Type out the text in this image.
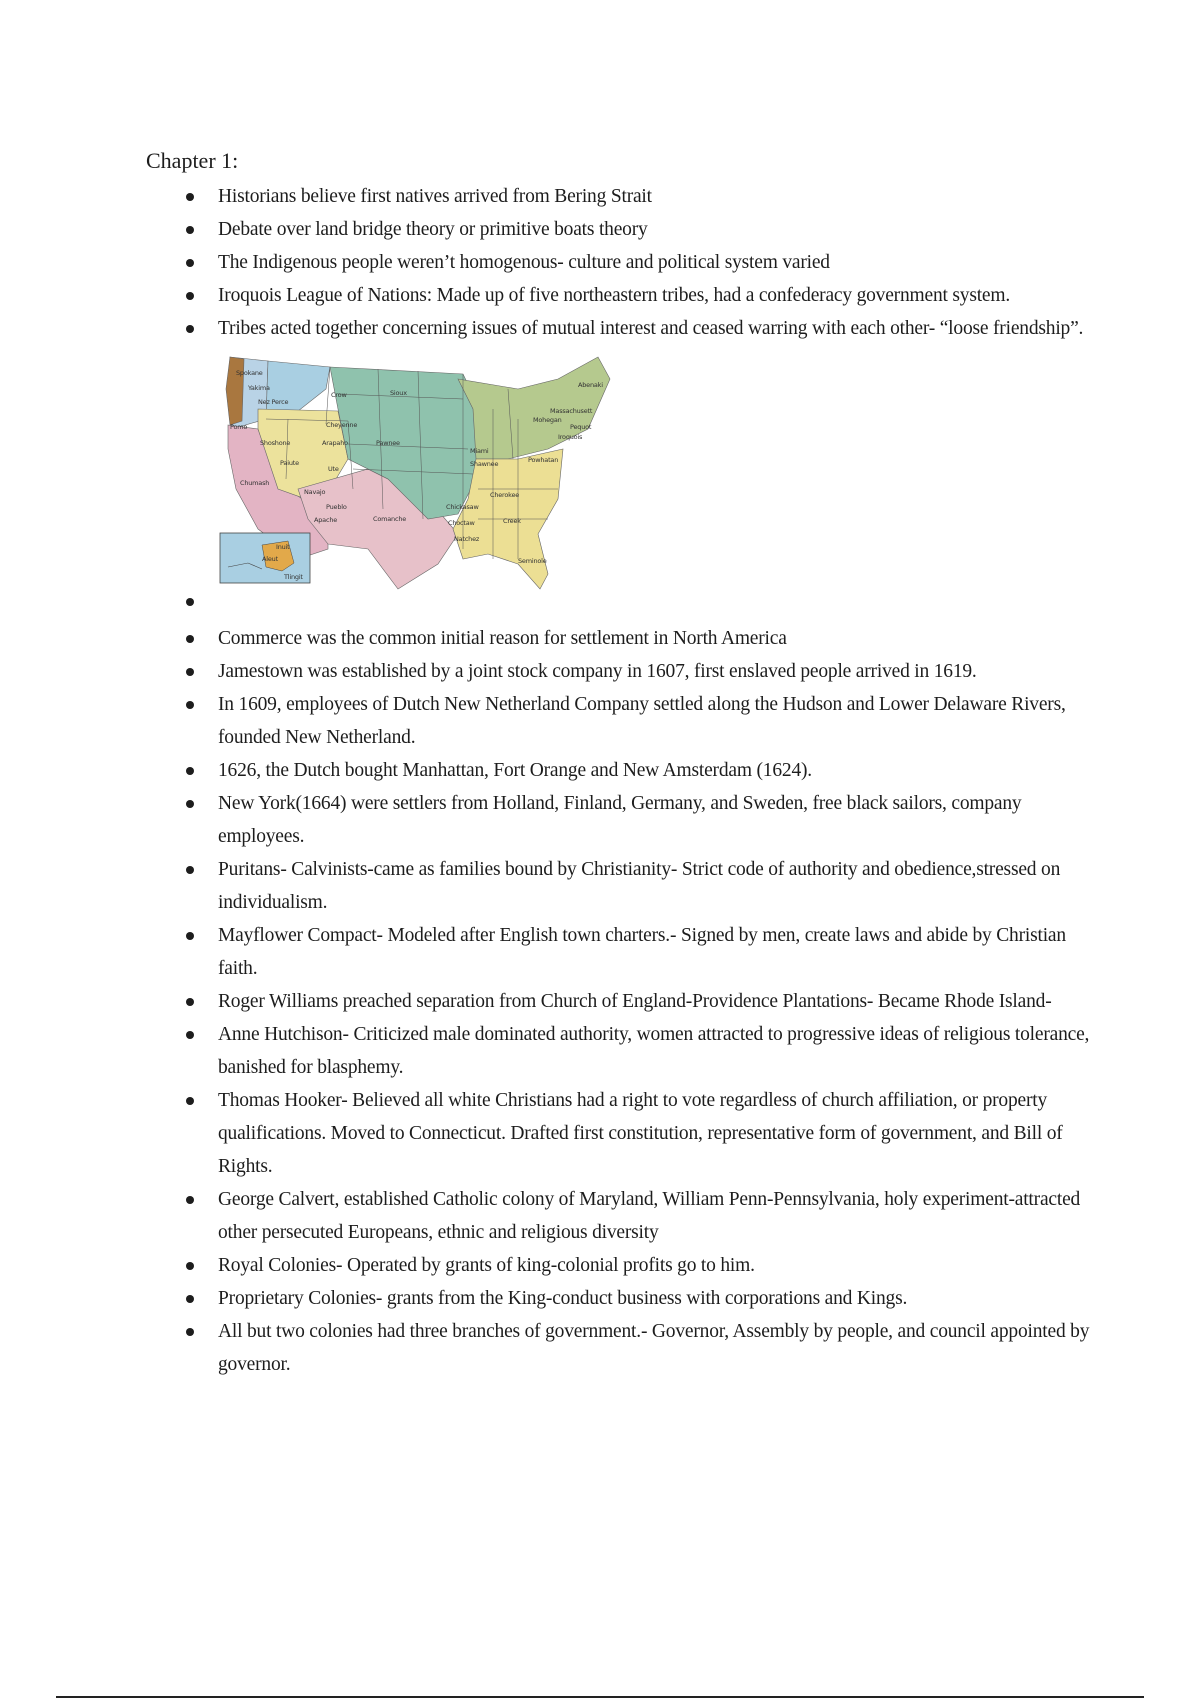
Chapter 1:
Historians believe first natives arrived from Bering Strait
Debate over land bridge theory or primitive boats theory
The Indigenous people weren’t homogenous- culture and political system varied
Iroquois League of Nations: Made up of five northeastern tribes, had a confederacy government system.
Tribes acted together concerning issues of mutual interest and ceased warring with each other- “loose friendship”.
Spokane
Yakima
Nez Perce
Pomo
Crow	Sioux
Cheyenne
Arapaho	Pawnee
Shoshone
Paiute
Ute
Chumash
Navajo
Pueblo
Apache	Comanche
Miami
Shawnee	Powhatan
Cherokee
Chickasaw
Choctaw	Creek
Natchez
Seminole
Abenaki
Massachusett
Mohegan
Pequot
Iroquois
Inuit
Aleut
Tlingit
Commerce was the common initial reason for settlement in North America
Jamestown was established by a joint stock company in 1607, first enslaved people arrived in 1619.
In 1609, employees of Dutch New Netherland Company settled along the Hudson and Lower Delaware Rivers, founded New Netherland.
1626, the Dutch bought Manhattan, Fort Orange and New Amsterdam (1624).
New York(1664) were settlers from Holland, Finland, Germany, and Sweden, free black sailors, company employees.
Puritans- Calvinists-came as families bound by Christianity- Strict code of authority and obedience,stressed on individualism.
Mayflower Compact- Modeled after English town charters.- Signed by men, create laws and abide by Christian faith.
Roger Williams preached separation from Church of England-Providence Plantations- Became Rhode Island-
Anne Hutchison- Criticized male dominated authority, women attracted to progressive ideas of religious tolerance, banished for blasphemy.
Thomas Hooker- Believed all white Christians had a right to vote regardless of church affiliation, or property qualifications. Moved to Connecticut. Drafted first constitution, representative form of government, and Bill of Rights.
George Calvert, established Catholic colony of Maryland, William Penn-Pennsylvania, holy experiment-attracted other persecuted Europeans, ethnic and religious diversity
Royal Colonies- Operated by grants of king-colonial profits go to him.
Proprietary Colonies- grants from the King-conduct business with corporations and Kings.
All but two colonies had three branches of government.- Governor, Assembly by people, and council appointed by governor.
